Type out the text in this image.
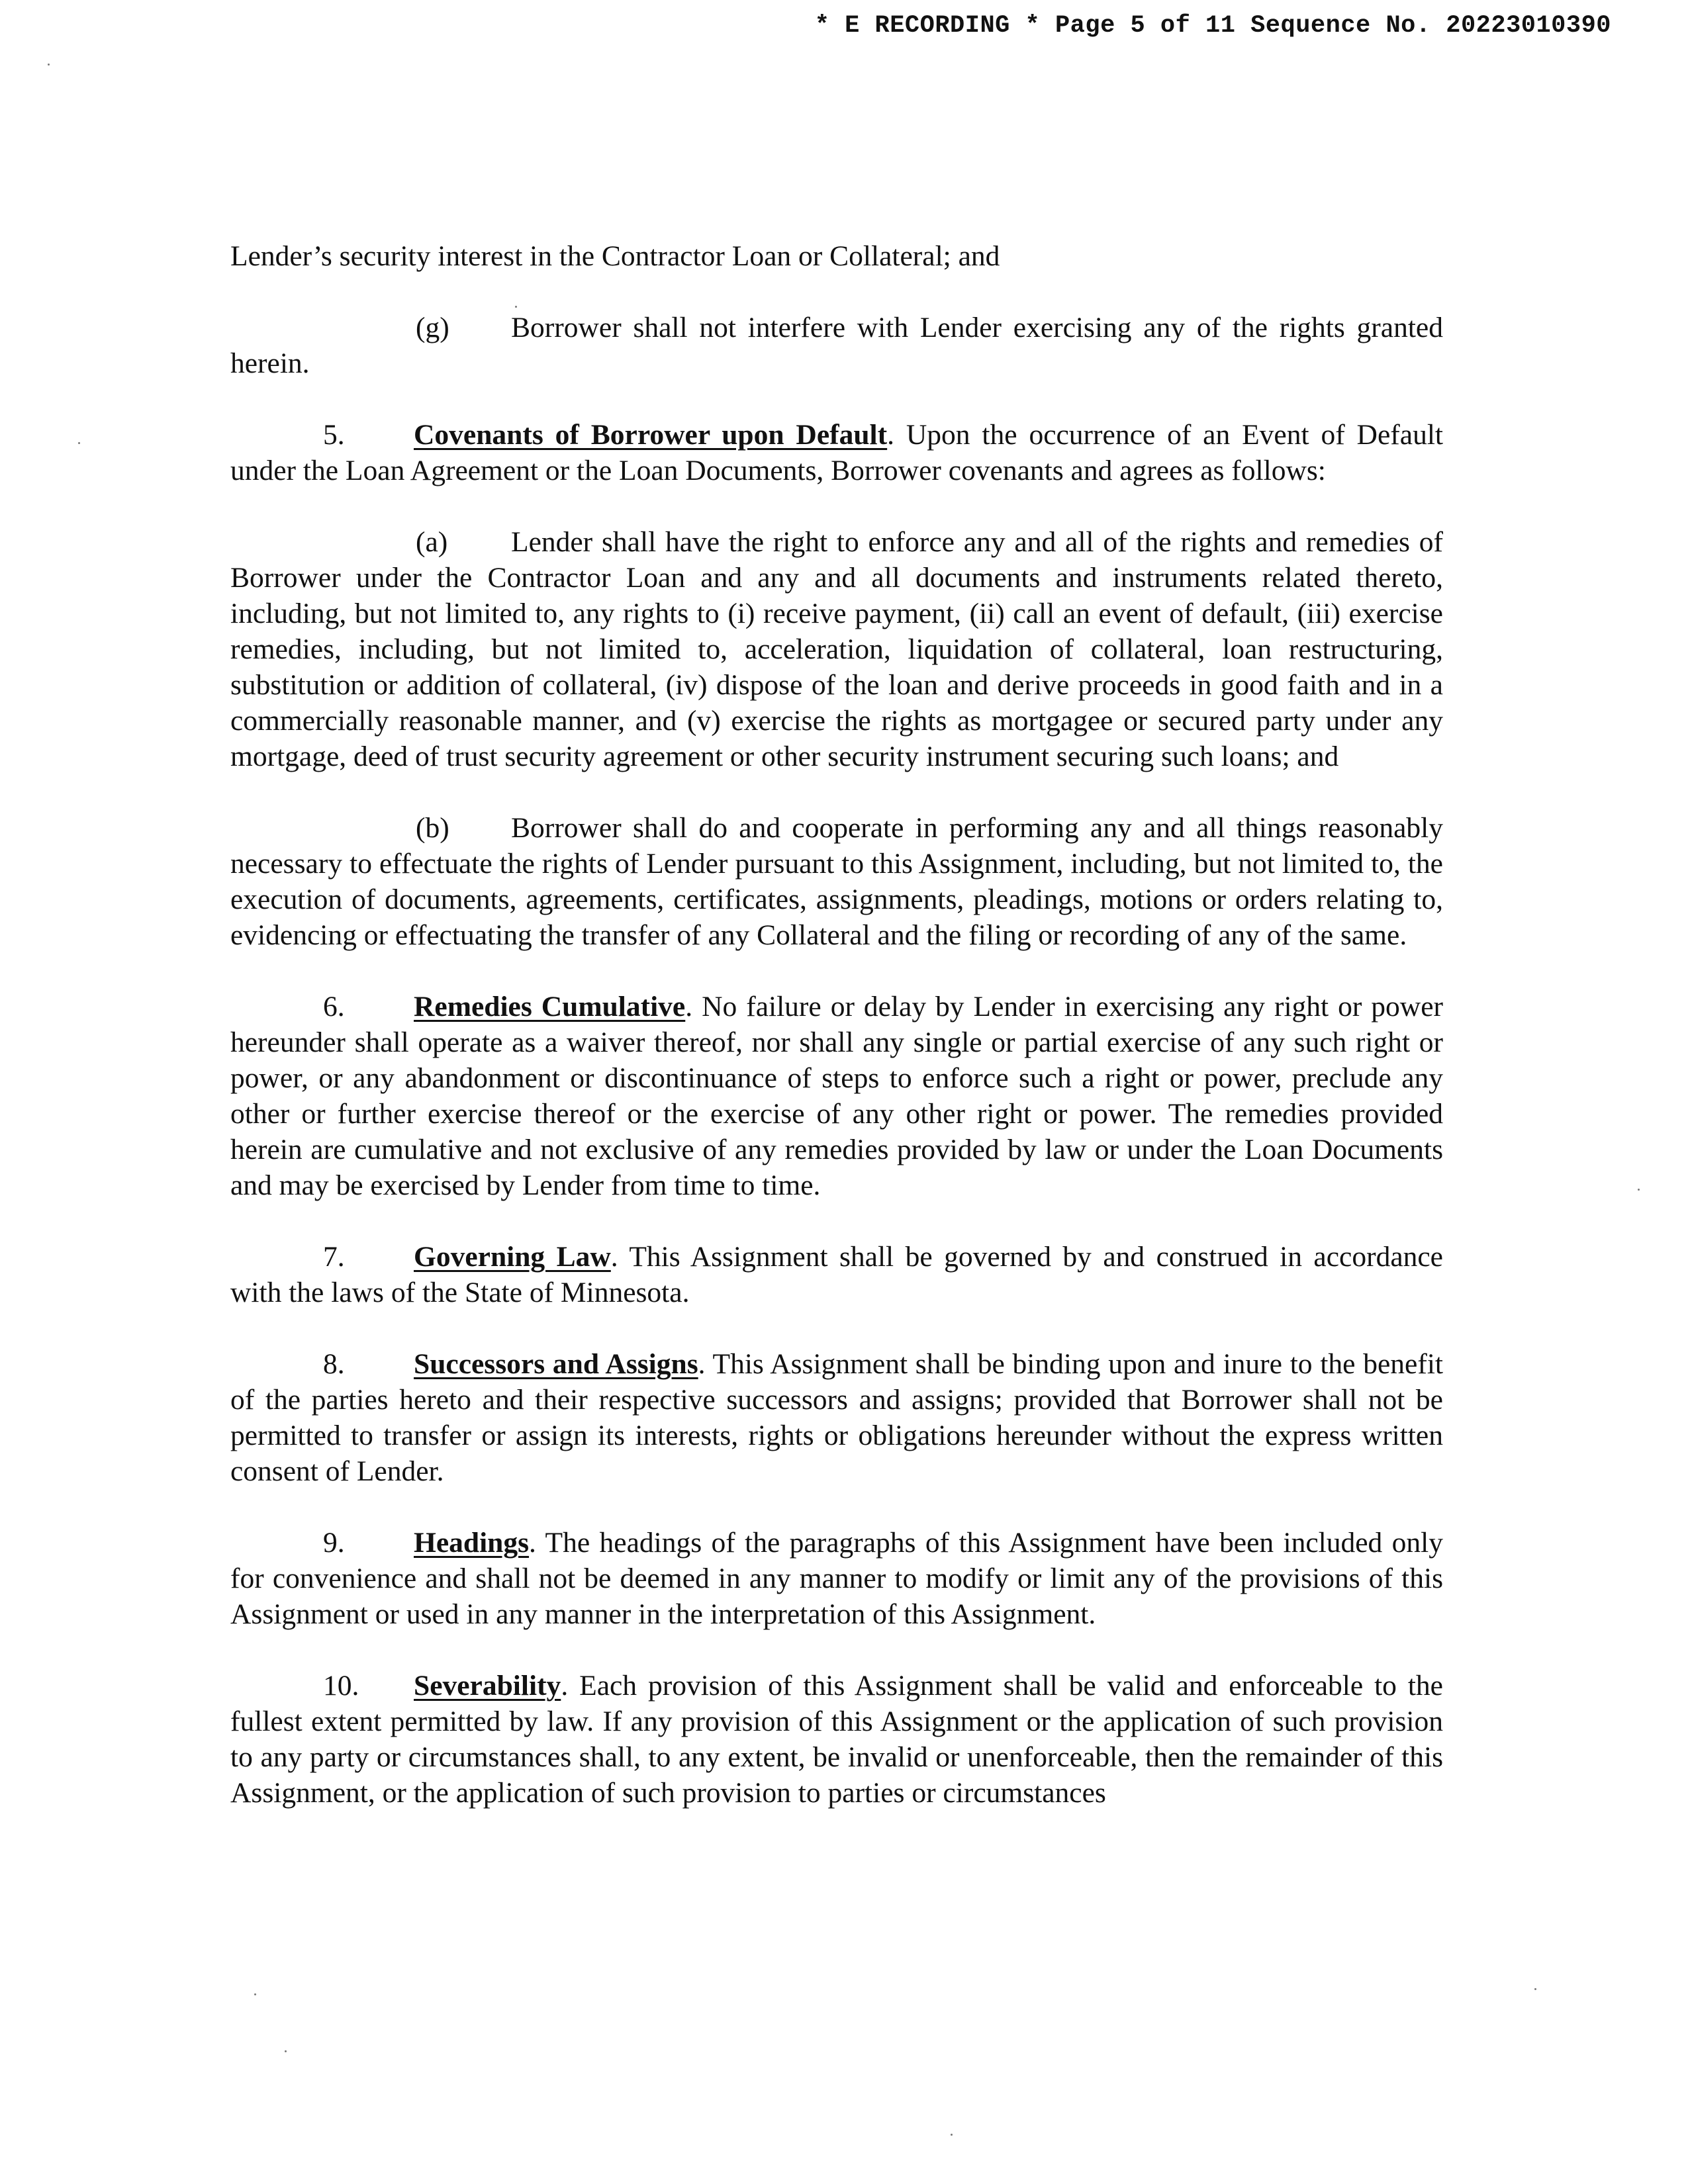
* E RECORDING * Page 5 of 11 Sequence No. 20223010390

Lender’s security interest in the Contractor Loan or Collateral; and

(g) Borrower shall not interfere with Lender exercising any of the rights granted herein.

5. Covenants of Borrower upon Default. Upon the occurrence of an Event of Default under the Loan Agreement or the Loan Documents, Borrower covenants and agrees as follows:

(a) Lender shall have the right to enforce any and all of the rights and remedies of Borrower under the Contractor Loan and any and all documents and instruments related thereto, including, but not limited to, any rights to (i) receive payment, (ii) call an event of default, (iii) exercise remedies, including, but not limited to, acceleration, liquidation of collateral, loan restructuring, substitution or addition of collateral, (iv) dispose of the loan and derive proceeds in good faith and in a commercially reasonable manner, and (v) exercise the rights as mortgagee or secured party under any mortgage, deed of trust security agreement or other security instrument securing such loans; and

(b) Borrower shall do and cooperate in performing any and all things reasonably necessary to effectuate the rights of Lender pursuant to this Assignment, including, but not limited to, the execution of documents, agreements, certificates, assignments, pleadings, motions or orders relating to, evidencing or effectuating the transfer of any Collateral and the filing or recording of any of the same.

6. Remedies Cumulative. No failure or delay by Lender in exercising any right or power hereunder shall operate as a waiver thereof, nor shall any single or partial exercise of any such right or power, or any abandonment or discontinuance of steps to enforce such a right or power, preclude any other or further exercise thereof or the exercise of any other right or power. The remedies provided herein are cumulative and not exclusive of any remedies provided by law or under the Loan Documents and may be exercised by Lender from time to time.

7. Governing Law. This Assignment shall be governed by and construed in accordance with the laws of the State of Minnesota.

8. Successors and Assigns. This Assignment shall be binding upon and inure to the benefit of the parties hereto and their respective successors and assigns; provided that Borrower shall not be permitted to transfer or assign its interests, rights or obligations hereunder without the express written consent of Lender.

9. Headings. The headings of the paragraphs of this Assignment have been included only for convenience and shall not be deemed in any manner to modify or limit any of the provisions of this Assignment or used in any manner in the interpretation of this Assignment.

10. Severability. Each provision of this Assignment shall be valid and enforceable to the fullest extent permitted by law. If any provision of this Assignment or the application of such provision to any party or circumstances shall, to any extent, be invalid or unenforceable, then the remainder of this Assignment, or the application of such provision to parties or circumstances
